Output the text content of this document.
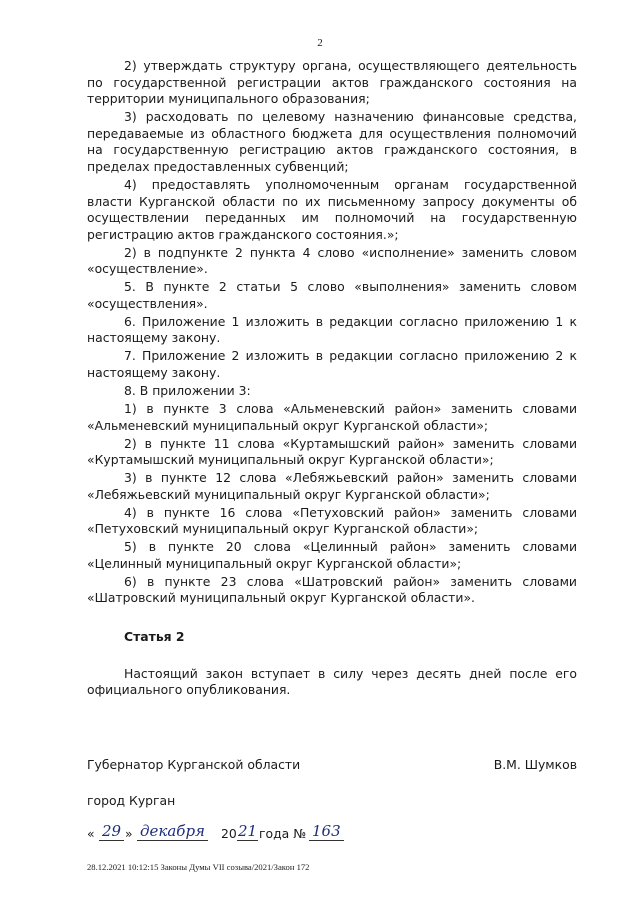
2

2) утверждать структуру органа, осуществляющего деятельность по государственной регистрации актов гражданского состояния на территории муниципального образования;

3) расходовать по целевому назначению финансовые средства, передаваемые из областного бюджета для осуществления полномочий на государственную регистрацию актов гражданского состояния, в пределах предоставленных субвенций;

4) предоставлять уполномоченным органам государственной власти Курганской области по их письменному запросу документы об осуществлении переданных им полномочий на государственную регистрацию актов гражданского состояния.»;

2) в подпункте 2 пункта 4 слово «исполнение» заменить словом «осуществление».

5. В пункте 2 статьи 5 слово «выполнения» заменить словом «осуществления».

6. Приложение 1 изложить в редакции согласно приложению 1 к настоящему закону.

7. Приложение 2 изложить в редакции согласно приложению 2 к настоящему закону.

8. В приложении 3:

1) в пункте 3 слова «Альменевский район» заменить словами «Альменевский муниципальный округ Курганской области»;

2) в пункте 11 слова «Куртамышский район» заменить словами «Куртамышский муниципальный округ Курганской области»;

3) в пункте 12 слова «Лебяжьевский район» заменить словами «Лебяжьевский муниципальный округ Курганской области»;

4) в пункте 16 слова «Петуховский район» заменить словами «Петуховский муниципальный округ Курганской области»;

5) в пункте 20 слова «Целинный район» заменить словами «Целинный муниципальный округ Курганской области»;

6) в пункте 23 слова «Шатровский район» заменить словами «Шатровский муниципальный округ Курганской области».

Статья 2

Настоящий закон вступает в силу через десять дней после его официального опубликования.

Губернатор Курганской области	В.М. Шумков
город Курган
« 29 » декабря 20 21 года № 163
28.12.2021 10:12:15 Законы Думы VII созыва/2021/Закон 172
